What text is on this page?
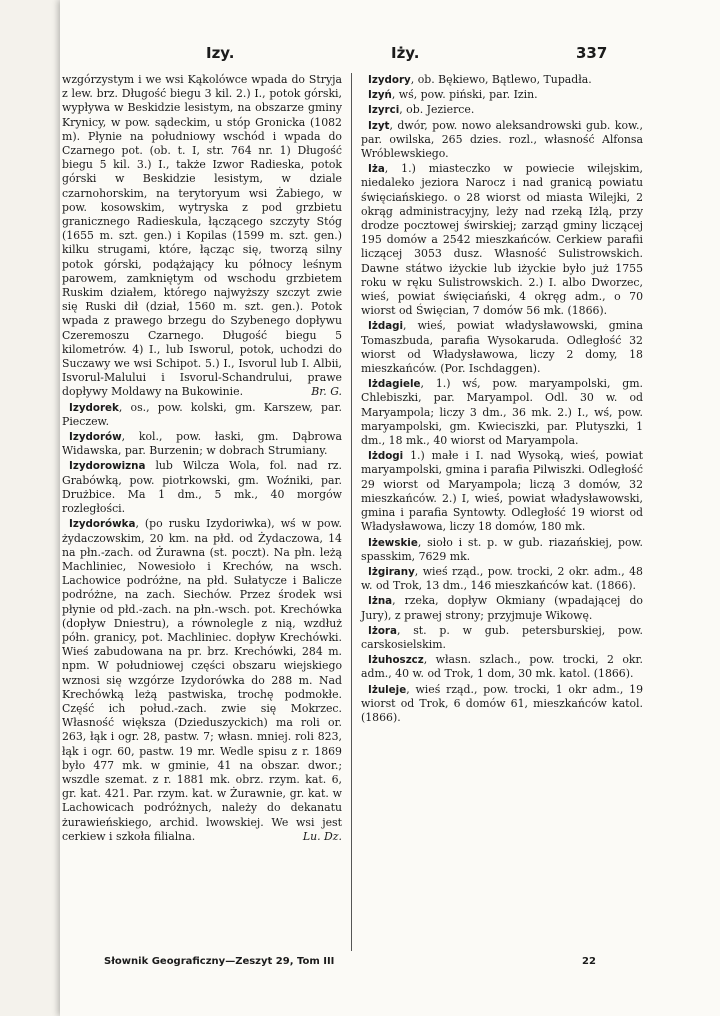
Izy.	Iży.	337

wzgórzystym i we wsi Kąkolówce wpada do Stryja z lew. brz. Długość biegu 3 kil. 2.) I., potok górski, wypływa w Beskidzie lesistym, na obszarze gminy Krynicy, w pow. sądeckim, u stóp Gronicka (1082 m). Płynie na południowy wschód i wpada do Czarnego pot. (ob. t. I, str. 764 nr. 1) Długość biegu 5 kil. 3.) I., także Izwor Radieska, potok górski w Beskidzie lesistym, w dziale czarnohorskim, na terytoryum wsi Żabiego, w pow. kosowskim, wytryska z pod grzbietu granicznego Radieskula, łączącego szczyty Stóg (1655 m. szt. gen.) i Kopilas (1599 m. szt. gen.) kilku strugami, które, łącząc się, tworzą silny potok górski, podążający ku północy leśnym parowem, zamkniętym od wschodu grzbietem Ruskim działem, którego najwyższy szczyt zwie się Ruski dił (dział, 1560 m. szt. gen.). Potok wpada z prawego brzegu do Szybenego dopływu Czeremoszu Czarnego. Długość biegu 5 kilometrów. 4) I., lub Isworul, potok, uchodzi do Suczawy we wsi Schipot. 5.) I., Isvorul lub I. Albii, Isvorul-Malului i Isvorul-Schandrului, prawe dopływy Moldawy na Bukowinie.	Br. G.

Izydorek, os., pow. kolski, gm. Karszew, par. Pieczew.

Izydorów, kol., pow. łaski, gm. Dąbrowa Widawska, par. Burzenin; w dobrach Strumiany.

Izydorowizna lub Wilcza Wola, fol. nad rz. Grabówką, pow. piotrkowski, gm. Woźniki, par. Drużbice. Ma 1 dm., 5 mk., 40 morgów rozległości.

Izydorówka, (po rusku Izydoriwka), wś w pow. żydaczowskim, 20 km. na płd. od Żydaczowa, 14 na płn.-zach. od Żurawna (st. poczt). Na płn. leżą Machliniec, Nowesioło i Krechów, na wsch. Lachowice podróżne, na płd. Sułatycze i Balicze podróżne, na zach. Siechów. Przez środek wsi płynie od płd.-zach. na płn.-wsch. pot. Krechówka (dopływ Dniestru), a równolegle z nią, wzdłuż półn. granicy, pot. Machliniec. dopływ Krechówki. Wieś zabudowana na pr. brz. Krechówki, 284 m. npm. W południowej części obszaru wiejskiego wznosi się wzgórze Izydorówka do 288 m. Nad Krechówką leżą pastwiska, trochę podmokłe. Część ich połud.-zach. zwie się Mokrzec. Własność większa (Dzieduszyckich) ma roli or. 263, łąk i ogr. 28, pastw. 7; własn. mniej. roli 823, łąk i ogr. 60, pastw. 19 mr. Wedle spisu z r. 1869 było 477 mk. w gminie, 41 na obszar. dwor.; wszdle szemat. z r. 1881 mk. obrz. rzym. kat. 6, gr. kat. 421. Par. rzym. kat. w Żurawnie, gr. kat. w Lachowicach podróżnych, należy do dekanatu żurawieńskiego, archid. lwowskiej. We wsi jest cerkiew i szkoła filialna.	Lu. Dz.

Izydory, ob. Bękiewo, Bątlewo, Tupadła.

Izyń, wś, pow. piński, par. Izin.

Izyrci, ob. Jezierce.

Izyt, dwór, pow. nowo aleksandrowski gub. kow., par. owilska, 265 dzies. rozl., własność Alfonsa Wróblewskiego.

Iża, 1.) miasteczko w powiecie wilejskim, niedaleko jeziora Narocz i nad granicą powiatu święciańskiego. o 28 wiorst od miasta Wilejki, 2 okrąg administracyjny, leży nad rzeką Iżlą, przy drodze pocztowej świrskiej; zarząd gminy liczącej 195 domów a 2542 mieszkańców. Cerkiew parafii liczącej 3053 dusz. Własność Sulistrowskich. Dawne státwo iżyckie lub iżyckie było już 1755 roku w ręku Sulistrowskich. 2.) I. albo Dworzec, wieś, powiat święciański, 4 okręg adm., o 70 wiorst od Święcian, 7 domów 56 mk. (1866).

Iżdagi, wieś, powiat władysławowski, gmina Tomaszbuda, parafia Wysokaruda. Odległość 32 wiorst od Władysławowa, liczy 2 domy, 18 mieszkańców. (Por. Ischdaggen).

Iżdagiele, 1.) wś, pow. maryampolski, gm. Chlebiszki, par. Maryampol. Odl. 30 w. od Maryampola; liczy 3 dm., 36 mk. 2.) I., wś, pow. maryampolski, gm. Kwieciszki, par. Plutyszki, 1 dm., 18 mk., 40 wiorst od Maryampola.

Iżdogi 1.) małe i I. nad Wysoką, wieś, powiat maryampolski, gmina i parafia Pilwiszki. Odległość 29 wiorst od Maryampola; liczą 3 domów, 32 mieszkańców. 2.) I, wieś, powiat władysławowski, gmina i parafia Syntowty. Odległość 19 wiorst od Władysławowa, liczy 18 domów, 180 mk.

Iżewskie, sioło i st. p. w gub. riazańskiej, pow. spasskim, 7629 mk.

Iżgirany, wieś rząd., pow. trocki, 2 okr. adm., 48 w. od Trok, 13 dm., 146 mieszkańców kat. (1866).

Iżna, rzeka, dopływ Okmiany (wpadającej do Jury), z prawej strony; przyjmuje Wikowę.

Iżora, st. p. w gub. petersburskiej, pow. carskosielskim.

Iżuhoszcz, własn. szlach., pow. trocki, 2 okr. adm., 40 w. od Trok, 1 dom, 30 mk. katol. (1866).

Iżuleje, wieś rząd., pow. trocki, 1 okr adm., 19 wiorst od Trok, 6 domów 61, mieszkańców katol. (1866).

Słownik Geograficzny—Zeszyt 29, Tom III	22
